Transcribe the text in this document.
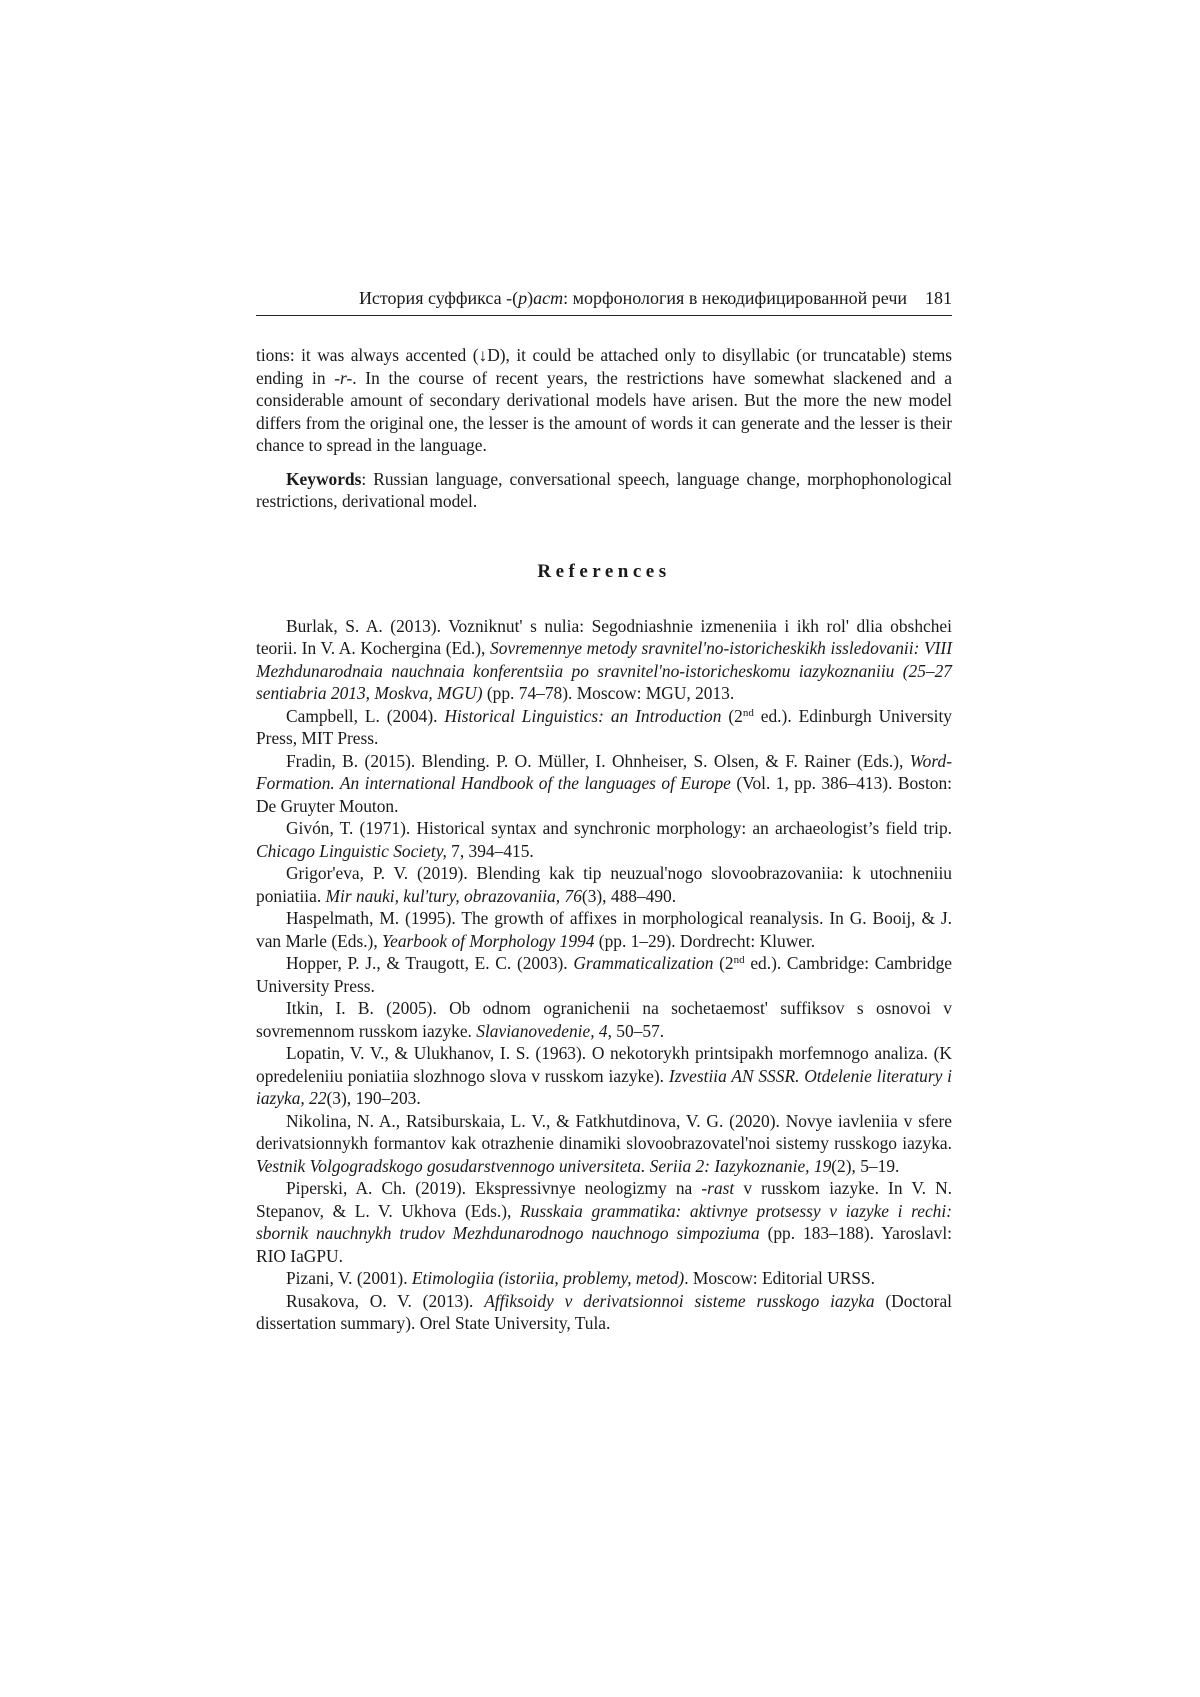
История суффикса -(р)аст: морфонология в некодифицированной речи 181

tions: it was always accented (↓D), it could be attached only to disyllabic (or truncatable) stems ending in -r-. In the course of recent years, the restrictions have somewhat slackened and a considerable amount of secondary derivational models have arisen. But the more the new model differs from the original one, the lesser is the amount of words it can generate and the lesser is their chance to spread in the language.

Keywords: Russian language, conversational speech, language change, morphophonological restrictions, derivational model.

References

Burlak, S. A. (2013). Vozniknut' s nulia: Segodniashnie izmeneniia i ikh rol' dlia obshchei teorii. In V. A. Kochergina (Ed.), Sovremennye metody sravnitel'no-istoricheskikh issledovanii: VIII Mezhdunarodnaia nauchnaia konferentsiia po sravnitel'no-istoricheskomu iazykoznaniiu (25–27 sentiabria 2013, Moskva, MGU) (pp. 74–78). Moscow: MGU, 2013.

Campbell, L. (2004). Historical Linguistics: an Introduction (2nd ed.). Edinburgh University Press, MIT Press.

Fradin, B. (2015). Blending. P. O. Müller, I. Ohnheiser, S. Olsen, & F. Rainer (Eds.), Word-Formation. An international Handbook of the languages of Europe (Vol. 1, pp. 386–413). Boston: De Gruyter Mouton.

Givón, T. (1971). Historical syntax and synchronic morphology: an archaeologist’s field trip. Chicago Linguistic Society, 7, 394–415.

Grigor'eva, P. V. (2019). Blending kak tip neuzual'nogo slovoobrazovaniia: k utochneniiu poniatiia. Mir nauki, kul'tury, obrazovaniia, 76(3), 488–490.

Haspelmath, M. (1995). The growth of affixes in morphological reanalysis. In G. Booij, & J. van Marle (Eds.), Yearbook of Morphology 1994 (pp. 1–29). Dordrecht: Kluwer.

Hopper, P. J., & Traugott, E. C. (2003). Grammaticalization (2nd ed.). Cambridge: Cambridge University Press.

Itkin, I. B. (2005). Ob odnom ogranichenii na sochetaemost' suffiksov s osnovoi v sovremennom russkom iazyke. Slavianovedenie, 4, 50–57.

Lopatin, V. V., & Ulukhanov, I. S. (1963). O nekotorykh printsipakh morfemnogo analiza. (K opredeleniiu poniatiia slozhnogo slova v russkom iazyke). Izvestiia AN SSSR. Otdelenie literatury i iazyka, 22(3), 190–203.

Nikolina, N. A., Ratsiburskaia, L. V., & Fatkhutdinova, V. G. (2020). Novye iavleniia v sfere derivatsionnykh formantov kak otrazhenie dinamiki slovoobrazovatel'noi sistemy russkogo iazyka. Vestnik Volgogradskogo gosudarstvennogo universiteta. Seriia 2: Iazykoznanie, 19(2), 5–19.

Piperski, A. Ch. (2019). Ekspressivnye neologizmy na -rast v russkom iazyke. In V. N. Stepanov, & L. V. Ukhova (Eds.), Russkaia grammatika: aktivnye protsessy v iazyke i rechi: sbornik nauchnykh trudov Mezhdunarodnogo nauchnogo simpoziuma (pp. 183–188). Yaroslavl: RIO IaGPU.

Pizani, V. (2001). Etimologiia (istoriia, problemy, metod). Moscow: Editorial URSS.

Rusakova, O. V. (2013). Affiksoidy v derivatsionnoi sisteme russkogo iazyka (Doctoral dissertation summary). Orel State University, Tula.
